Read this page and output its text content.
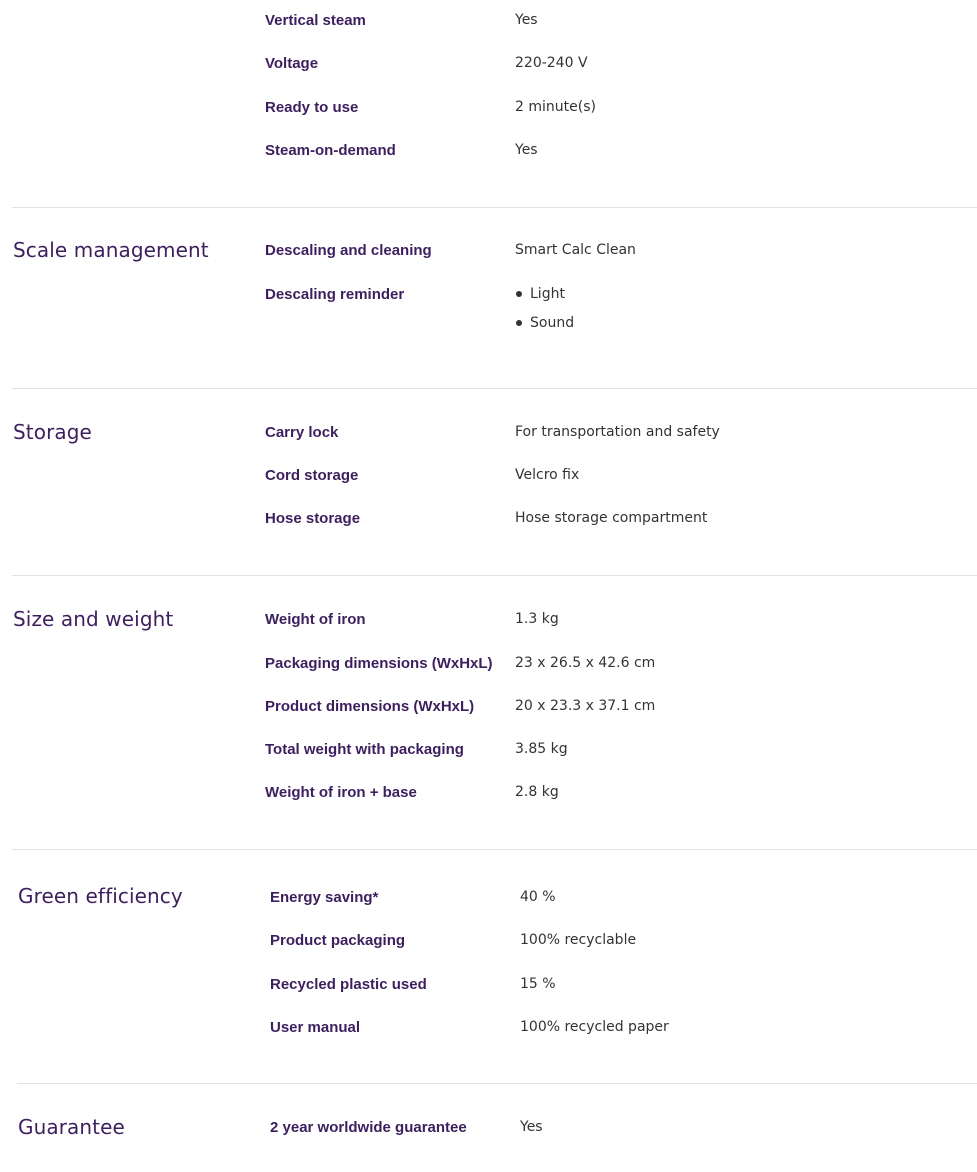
Vertical steam	Yes
Voltage	220-240 V
Ready to use	2 minute(s)
Steam-on-demand	Yes
Scale management	Descaling and cleaning	Smart Calc Clean
Descaling reminder	Light
Sound
Storage	Carry lock	For transportation and safety
Cord storage	Velcro fix
Hose storage	Hose storage compartment
Size and weight	Weight of iron	1.3 kg
Packaging dimensions (WxHxL) 23 x 26.5 x 42.6 cm
Product dimensions (WxHxL)	20 x 23.3 x 37.1 cm
Total weight with packaging	3.85 kg
Weight of iron + base	2.8 kg
Green efficiency	Energy saving*	40 %
Product packaging	100% recyclable
Recycled plastic used	15 %
User manual	100% recycled paper
Guarantee	2 year worldwide guarantee	Yes
